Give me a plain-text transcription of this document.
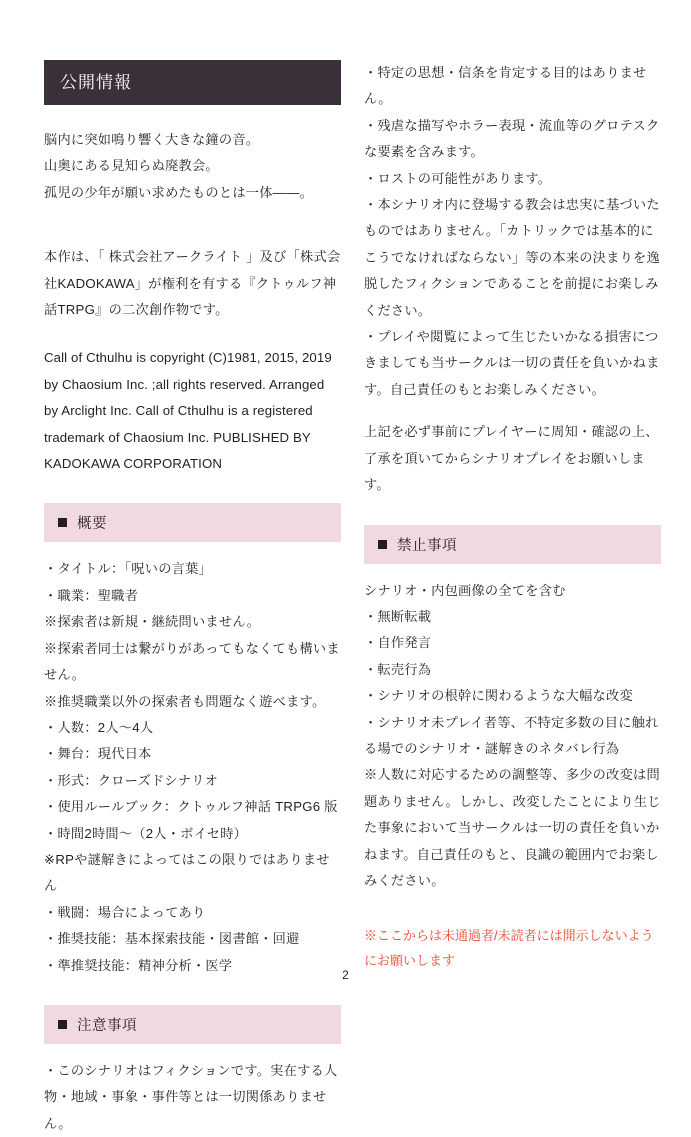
公開情報

脳内に突如鳴り響く大きな鐘の音。

山奥にある見知らぬ廃教会。

孤児の少年が願い求めたものとは一体——。

本作は、「 株式会社アークライト 」及び「株式会社KADOKAWA」が権利を有する『クトゥルフ神話TRPG』の二次創作物です。

Call of Cthulhu is copyright (C)1981, 2015, 2019 by Chaosium Inc. ;all rights reserved. Arranged by Arclight Inc. Call of Cthulhu is a registered trademark of Chaosium Inc. PUBLISHED BY KADOKAWA CORPORATION

概要
・タイトル：「呪いの言葉」
・職業：聖職者
※探索者は新規・継続問いません。
※探索者同士は繋がりがあってもなくても構いません。
※推奨職業以外の探索者も問題なく遊べます。
・人数：2人～4人
・舞台：現代日本
・形式：クローズドシナリオ
・使用ルールブック：クトゥルフ神話 TRPG6 版
・時間2時間～（2人・ボイセ時）
※RPや謎解きによってはこの限りではありません
・戦闘：場合によってあり
・推奨技能：基本探索技能・図書館・回避
・準推奨技能：精神分析・医学
注意事項

・このシナリオはフィクションです。実在する人物・地域・事象・事件等とは一切関係ありません。

・特定の思想・信条を肯定する目的はありません。
・残虐な描写やホラー表現・流血等のグロテスクな要素を含みます。
・ロストの可能性があります。
・本シナリオ内に登場する教会は忠実に基づいたものではありません。「カトリックでは基本的にこうでなければならない」等の本来の決まりを逸脱したフィクションであることを前提にお楽しみください。
・プレイや閲覧によって生じたいかなる損害につきましても当サークルは一切の責任を負いかねます。自己責任のもとお楽しみください。

上記を必ず事前にプレイヤーに周知・確認の上、了承を頂いてからシナリオプレイをお願いします。

禁止事項

シナリオ・内包画像の全てを含む

・無断転載
・自作発言
・転売行為
・シナリオの根幹に関わるような大幅な改変
・シナリオ未プレイ者等、不特定多数の目に触れる場でのシナリオ・謎解きのネタバレ行為

※人数に対応するための調整等、多少の改変は問題ありません。しかし、改変したことにより生じた事象において当サークルは一切の責任を負いかねます。自己責任のもと、良識の範囲内でお楽しみください。

※ここからは未通過者/未読者には開示しないようにお願いします

2
